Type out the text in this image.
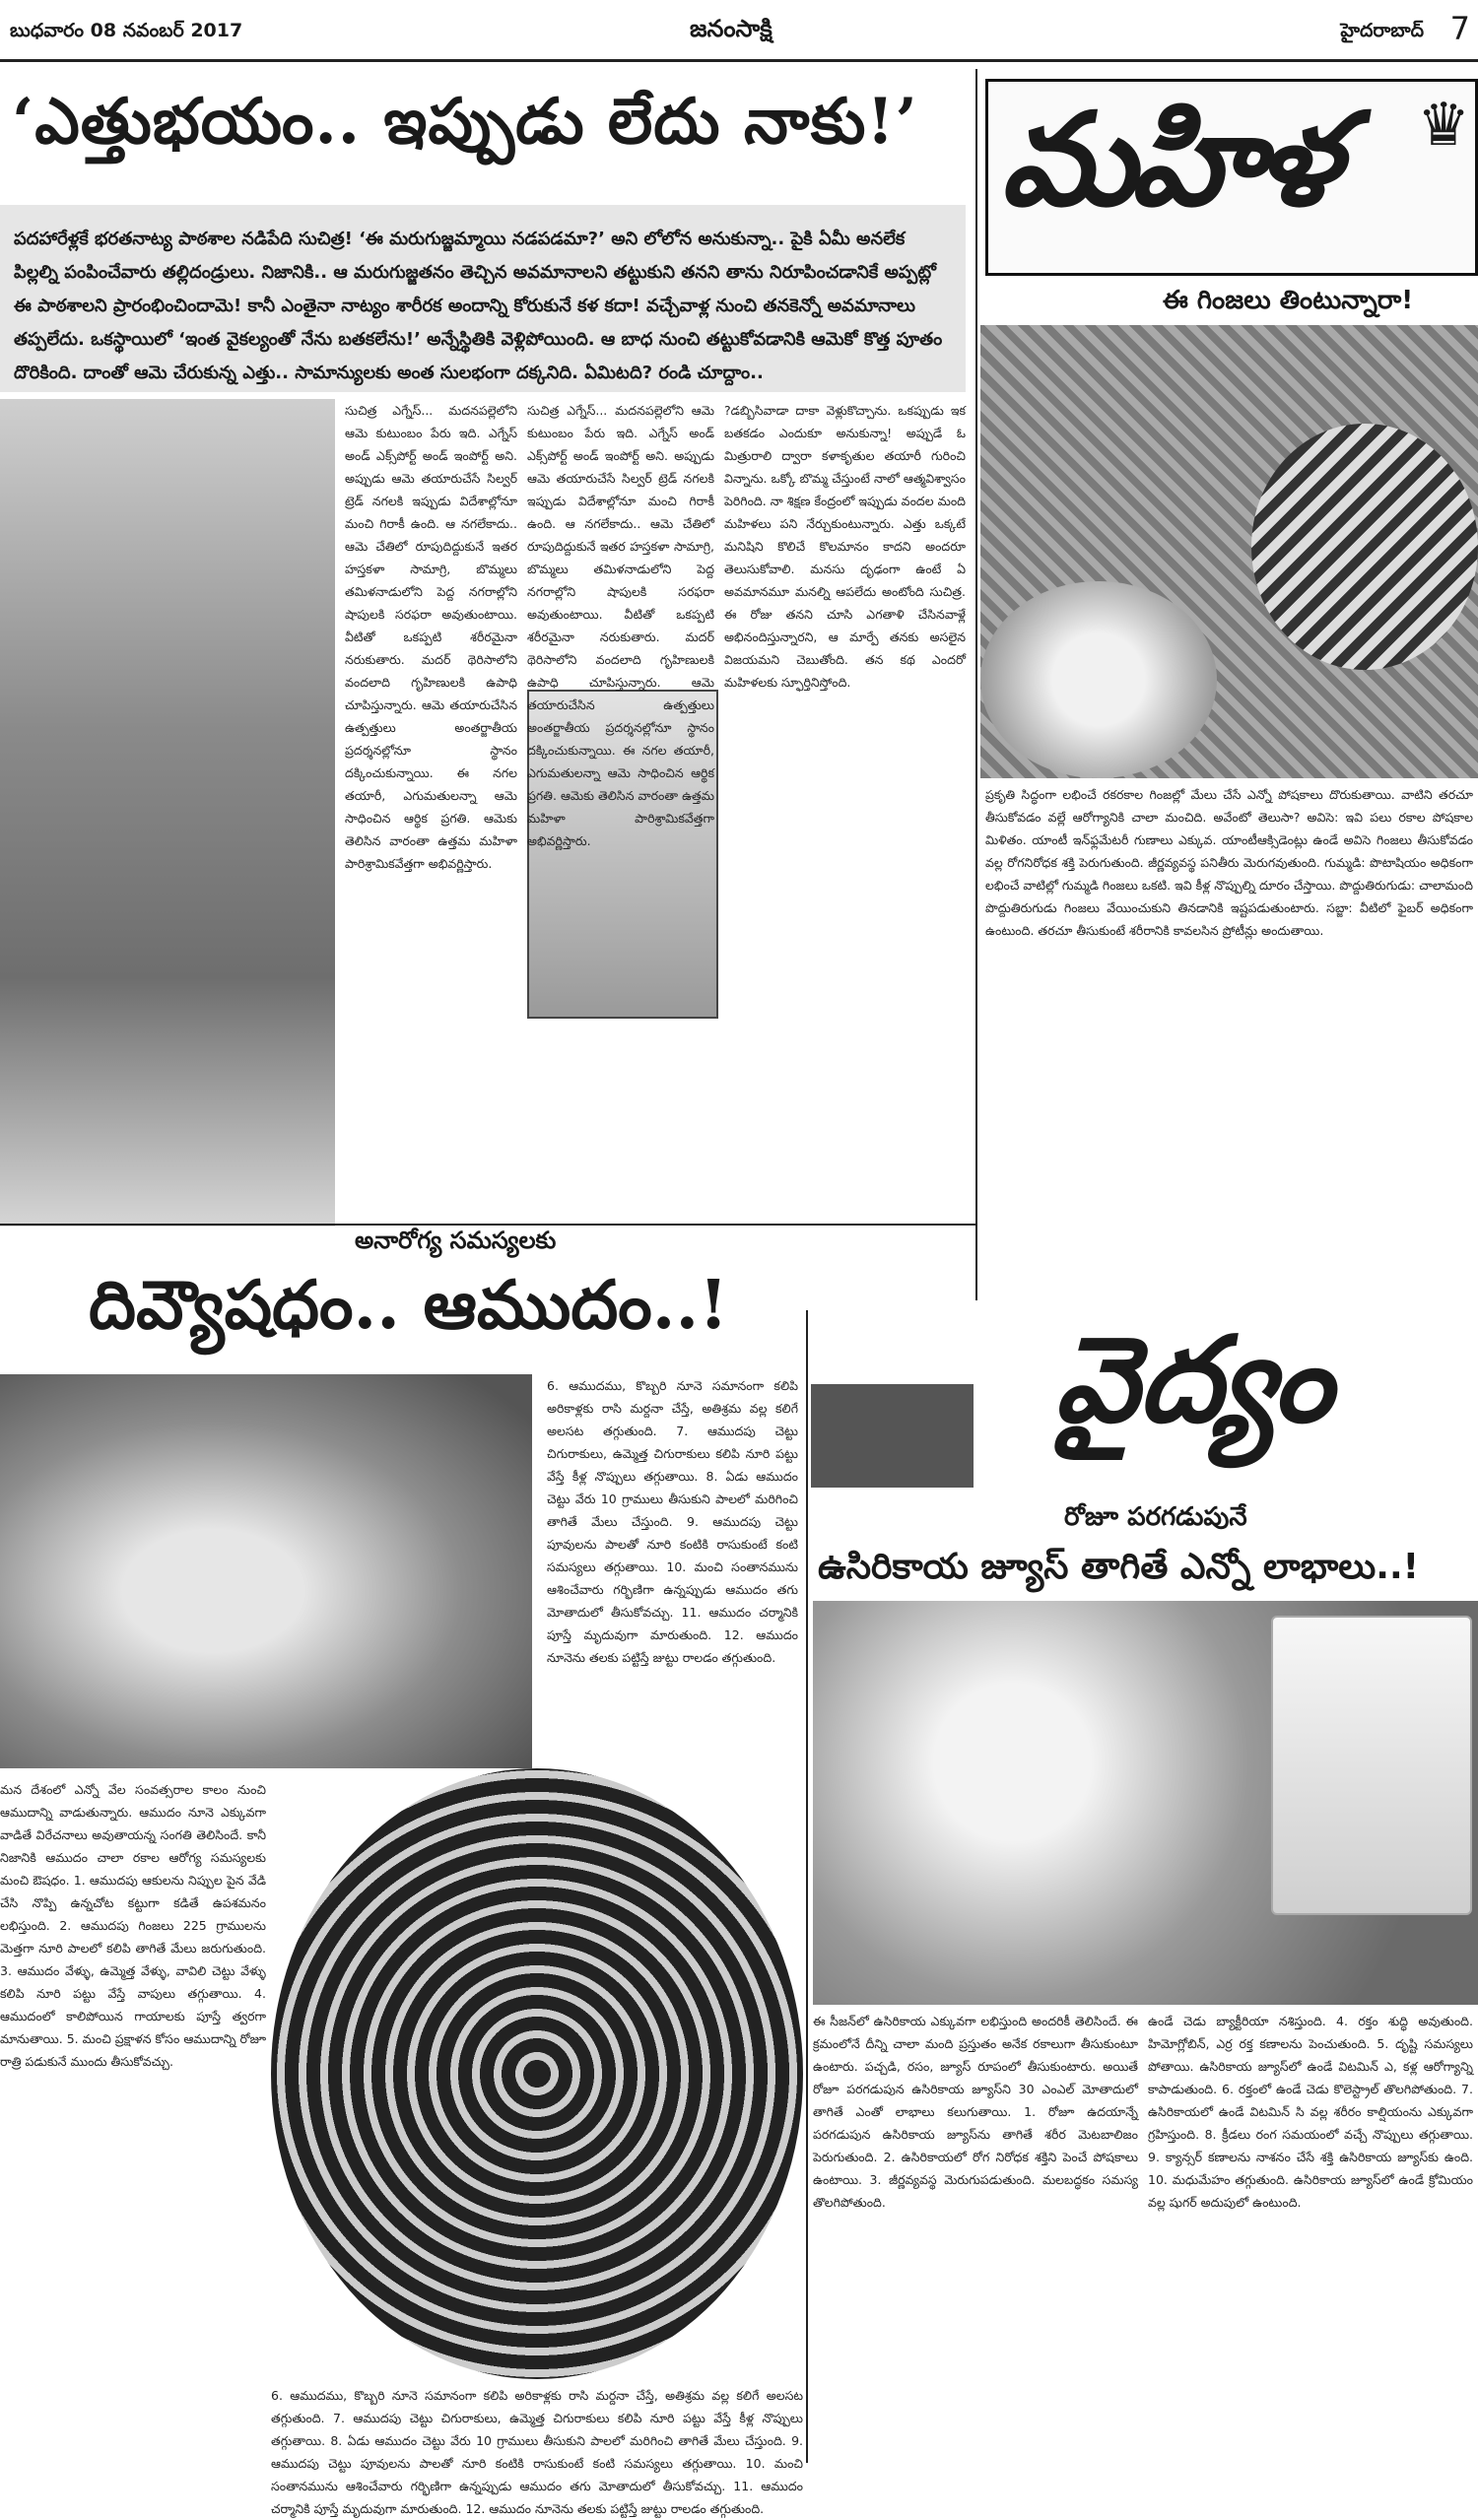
బుధవారం 08 నవంబర్ 2017	జనంసాక్షి	హైదరాబాద్ 7
‘ఎత్తుభయం.. ఇప్పుడు లేదు నాకు!’
పదహారేళ్లకే భరతనాట్య పాఠశాల నడిపేది సుచిత్ర! ‘ఈ మరుగుజ్జమ్మాయి నడపడమా?’ అని లోలోన అనుకున్నా.. పైకి ఏమీ అనలేక పిల్లల్ని పంపించేవారు తల్లిదండ్రులు. నిజానికి.. ఆ మరుగుజ్జతనం తెచ్చిన అవమానాలని తట్టుకుని తనని తాను నిరూపించడానికే అప్పట్లో ఈ పాఠశాలని ప్రారంభించిందామె! కానీ ఎంతైనా నాట్యం శారీరక అందాన్ని కోరుకునే కళ కదా! వచ్చేవాళ్ల నుంచి తనకెన్నో అవమానాలు తప్పలేదు. ఒకస్థాయిలో ‘ఇంత వైకల్యంతో నేను బతకలేను!’ అన్నేస్థితికి వెళ్లిపోయింది. ఆ బాధ నుంచి తట్టుకోవడానికి ఆమెకో కొత్త పూతం దొరికింది. దాంతో ఆమె చేరుకున్న ఎత్తు.. సామాన్యులకు అంత సులభంగా దక్కనిది. ఏమిటది? రండి చూద్దాం..
సుచిత్ర ఎగ్నేస్... మదనపల్లెలోని ఆమె కుటుంబం పేరు ఇది. ఎగ్నేస్ అండ్ ఎక్స్‌పోర్ట్ అండ్ ఇంపోర్ట్ అని. అప్పుడు ఆమె తయారుచేసే సిల్వర్ ట్రెడ్ నగలకి ఇప్పుడు విదేశాల్లోనూ మంచి గిరాకీ ఉంది. ఆ నగలేకాదు.. ఆమె చేతిలో రూపుదిద్దుకునే ఇతర హస్తకళా సామాగ్రి, బొమ్మలు తమిళనాడులోని పెద్ద నగరాల్లోని షాపులకి సరఫరా అవుతుంటాయి. వీటితో ఒకప్పటి శరీరమైనా నరుకుతారు. మదర్ థెరిసాలోని వందలాది గృహిణులకి ఉపాధి చూపిస్తున్నారు. ఆమె తయారుచేసిన ఉత్పత్తులు అంతర్జాతీయ ప్రదర్శనల్లోనూ స్థానం దక్కించుకున్నాయి. ఈ నగల తయారీ, ఎగుమతులన్నా ఆమె సాధించిన ఆర్థిక ప్రగతి. ఆమెకు తెలిసిన వారంతా ఉత్తమ మహిళా పారిశ్రామికవేత్తగా అభివర్ణిస్తారు.
సుచిత్ర ఎగ్నేస్... మదనపల్లెలోని ఆమె కుటుంబం పేరు ఇది. ఎగ్నేస్ అండ్ ఎక్స్‌పోర్ట్ అండ్ ఇంపోర్ట్ అని. అప్పుడు ఆమె తయారుచేసే సిల్వర్ ట్రెడ్ నగలకి ఇప్పుడు విదేశాల్లోనూ మంచి గిరాకీ ఉంది. ఆ నగలేకాదు.. ఆమె చేతిలో రూపుదిద్దుకునే ఇతర హస్తకళా సామాగ్రి, బొమ్మలు తమిళనాడులోని పెద్ద నగరాల్లోని షాపులకి సరఫరా అవుతుంటాయి. వీటితో ఒకప్పటి శరీరమైనా నరుకుతారు. మదర్ థెరిసాలోని వందలాది గృహిణులకి ఉపాధి చూపిస్తున్నారు. ఆమె తయారుచేసిన ఉత్పత్తులు అంతర్జాతీయ ప్రదర్శనల్లోనూ స్థానం దక్కించుకున్నాయి. ఈ నగల తయారీ, ఎగుమతులన్నా ఆమె సాధించిన ఆర్థిక ప్రగతి. ఆమెకు తెలిసిన వారంతా ఉత్తమ మహిళా పారిశ్రామికవేత్తగా అభివర్ణిస్తారు.
?డబ్బిసివాడా దాకా వెళ్లుకొచ్చాను. ఒకప్పుడు ఇక బతకడం ఎందుకూ అనుకున్నా! అప్పుడే ఓ మిత్రురాలి ద్వారా కళాకృతుల తయారీ గురించి విన్నాను. ఒక్కో బొమ్మ చేస్తుంటే నాలో ఆత్మవిశ్వాసం పెరిగింది. నా శిక్షణ కేంద్రంలో ఇప్పుడు వందల మంది మహిళలు పని నేర్చుకుంటున్నారు. ఎత్తు ఒక్కటే మనిషిని కొలిచే కొలమానం కాదని అందరూ తెలుసుకోవాలి. మనసు దృఢంగా ఉంటే ఏ అవమానమూ మనల్ని ఆపలేదు అంటోంది సుచిత్ర. ఈ రోజు తనని చూసి ఎగతాళి చేసినవాళ్లే అభినందిస్తున్నారని, ఆ మార్పే తనకు అసలైన విజయమని చెబుతోంది. తన కథ ఎందరో మహిళలకు స్ఫూర్తినిస్తోంది.
మహిళ ♛
ఈ గింజలు తింటున్నారా!
ప్రకృతి సిద్ధంగా లభించే రకరకాల గింజల్లో మేలు చేసే ఎన్నో పోషకాలు దొరుకుతాయి. వాటిని తరచూ తీసుకోవడం వల్లే ఆరోగ్యానికి చాలా మంచిది. అవేంటో తెలుసా? అవిసె: ఇవి పలు రకాల పోషకాల మిళితం. యాంటీ ఇన్‌ఫ్లమేటరీ గుణాలు ఎక్కువ. యాంటీఆక్సిడెంట్లు ఉండే అవిసె గింజలు తీసుకోవడం వల్ల రోగనిరోధక శక్తి పెరుగుతుంది. జీర్ణవ్యవస్థ పనితీరు మెరుగవుతుంది. గుమ్మడి: పొటాషియం అధికంగా లభించే వాటిల్లో గుమ్మడి గింజలు ఒకటి. ఇవి కీళ్ల నొప్పుల్ని దూరం చేస్తాయి. పొద్దుతిరుగుడు: చాలామంది పొద్దుతిరుగుడు గింజలు వేయించుకుని తినడానికి ఇష్టపడుతుంటారు. సబ్జా: వీటిలో ఫైబర్ అధికంగా ఉంటుంది. తరచూ తీసుకుంటే శరీరానికి కావలసిన ప్రోటీన్లు అందుతాయి.
అనారోగ్య సమస్యలకు
దివ్యౌషధం.. ఆముదం..!
6. ఆముదము, కొబ్బరి నూనె సమానంగా కలిపి అరికాళ్లకు రాసి మర్దనా చేస్తే, అతిశ్రమ వల్ల కలిగే అలసట తగ్గుతుంది. 7. ఆముదపు చెట్టు చిగురాకులు, ఉమ్మెత్త చిగురాకులు కలిపి నూరి పట్టు వేస్తే కీళ్ల నొప్పులు తగ్గుతాయి. 8. ఏడు ఆముదం చెట్టు వేరు 10 గ్రాములు తీసుకుని పాలలో మరిగించి తాగితే మేలు చేస్తుంది. 9. ఆముదపు చెట్టు పూవులను పాలతో నూరి కంటికి రాసుకుంటే కంటి సమస్యలు తగ్గుతాయి. 10. మంచి సంతానమును ఆశించేవారు గర్భిణిగా ఉన్నప్పుడు ఆముదం తగు మోతాదులో తీసుకోవచ్చు. 11. ఆముదం చర్మానికి పూస్తే మృదువుగా మారుతుంది. 12. ఆముదం నూనెను తలకు పట్టిస్తే జుట్టు రాలడం తగ్గుతుంది.
మన దేశంలో ఎన్నో వేల సంవత్సరాల కాలం నుంచి ఆముదాన్ని వాడుతున్నారు. ఆముదం నూనె ఎక్కువగా వాడితే విరేచనాలు అవుతాయన్న సంగతి తెలిసిందే. కానీ నిజానికి ఆముదం చాలా రకాల ఆరోగ్య సమస్యలకు మంచి ఔషధం. 1. ఆముదపు ఆకులను నిప్పుల పైన వేడి చేసి నొప్పి ఉన్నచోట కట్టుగా కడితే ఉపశమనం లభిస్తుంది. 2. ఆముదపు గింజలు 225 గ్రాములను మెత్తగా నూరి పాలలో కలిపి తాగితే మేలు జరుగుతుంది. 3. ఆముదం వేళ్ళు, ఉమ్మెత్త వేళ్ళు, వావిలి చెట్టు వేళ్ళు కలిపి నూరి పట్టు వేస్తే వాపులు తగ్గుతాయి. 4. ఆముదంలో కాలిపోయిన గాయాలకు పూస్తే త్వరగా మానుతాయి. 5. మంచి ప్రక్షాళన కోసం ఆముదాన్ని రోజూ రాత్రి పడుకునే ముందు తీసుకోవచ్చు.
6. ఆముదము, కొబ్బరి నూనె సమానంగా కలిపి అరికాళ్లకు రాసి మర్దనా చేస్తే, అతిశ్రమ వల్ల కలిగే అలసట తగ్గుతుంది. 7. ఆముదపు చెట్టు చిగురాకులు, ఉమ్మెత్త చిగురాకులు కలిపి నూరి పట్టు వేస్తే కీళ్ల నొప్పులు తగ్గుతాయి. 8. ఏడు ఆముదం చెట్టు వేరు 10 గ్రాములు తీసుకుని పాలలో మరిగించి తాగితే మేలు చేస్తుంది. 9. ఆముదపు చెట్టు పూవులను పాలతో నూరి కంటికి రాసుకుంటే కంటి సమస్యలు తగ్గుతాయి. 10. మంచి సంతానమును ఆశించేవారు గర్భిణిగా ఉన్నప్పుడు ఆముదం తగు మోతాదులో తీసుకోవచ్చు. 11. ఆముదం చర్మానికి పూస్తే మృదువుగా మారుతుంది. 12. ఆముదం నూనెను తలకు పట్టిస్తే జుట్టు రాలడం తగ్గుతుంది.
వైద్యం
రోజూ పరగడుపునే
ఉసిరికాయ జ్యూస్ తాగితే ఎన్నో లాభాలు..!
ఈ సీజన్‌లో ఉసిరికాయ ఎక్కువగా లభిస్తుంది అందరికీ తెలిసిందే. ఈ క్రమంలోనే దీన్ని చాలా మంది ప్రస్తుతం అనేక రకాలుగా తీసుకుంటూ ఉంటారు. పచ్చడి, రసం, జ్యూస్ రూపంలో తీసుకుంటారు. అయితే రోజూ పరగడుపున ఉసిరికాయ జ్యూస్‌ని 30 ఎంఎల్ మోతాదులో తాగితే ఎంతో లాభాలు కలుగుతాయి. 1. రోజూ ఉదయాన్నే పరగడుపున ఉసిరికాయ జ్యూస్‌ను తాగితే శరీర మెటబాలిజం పెరుగుతుంది. 2. ఉసిరికాయలో రోగ నిరోధక శక్తిని పెంచే పోషకాలు ఉంటాయి. 3. జీర్ణవ్యవస్థ మెరుగుపడుతుంది. మలబద్ధకం సమస్య తొలగిపోతుంది.
ఉండే చెడు బ్యాక్టీరియా నశిస్తుంది. 4. రక్తం శుద్ధి అవుతుంది. హిమోగ్లోబిన్, ఎర్ర రక్త కణాలను పెంచుతుంది. 5. దృష్టి సమస్యలు పోతాయి. ఉసిరికాయ జ్యూస్‌లో ఉండే విటమిన్ ఎ, కళ్ల ఆరోగ్యాన్ని కాపాడుతుంది. 6. రక్తంలో ఉండే చెడు కొలెస్ట్రాల్ తొలగిపోతుంది. 7. ఉసిరికాయలో ఉండే విటమిన్ సి వల్ల శరీరం కాల్షియంను ఎక్కువగా గ్రహిస్తుంది. 8. క్రీడలు రంగ సమయంలో వచ్చే నొప్పులు తగ్గుతాయి. 9. క్యాన్సర్ కణాలను నాశనం చేసే శక్తి ఉసిరికాయ జ్యూస్‌కు ఉంది. 10. మధుమేహం తగ్గుతుంది. ఉసిరికాయ జ్యూస్‌లో ఉండే క్రోమియం వల్ల షుగర్ అదుపులో ఉంటుంది.
